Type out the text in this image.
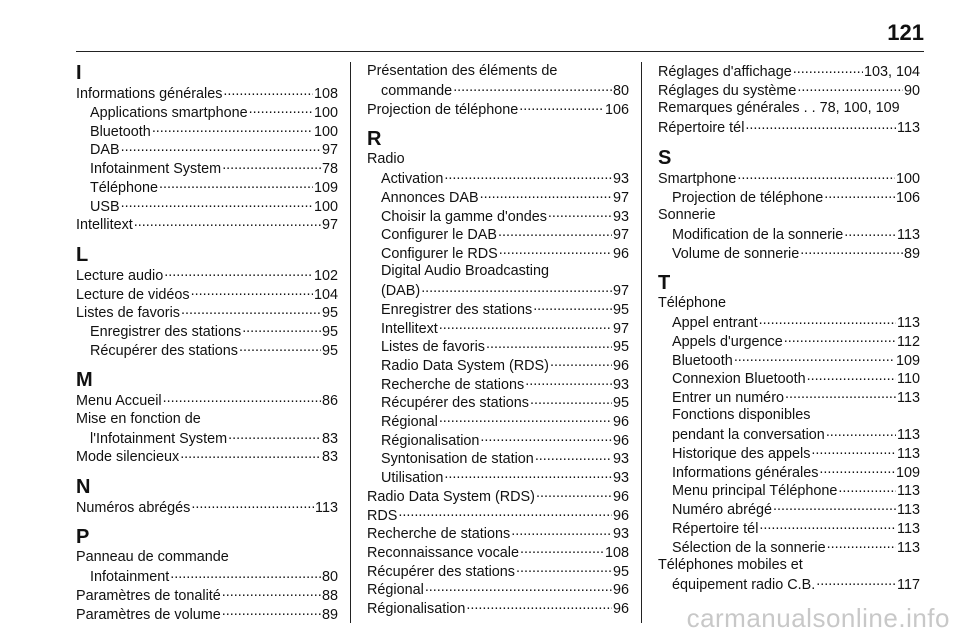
121
I
Informations générales .....	108
Applications smartphone .....	100
Bluetooth .....	100
DAB .....	97
Infotainment System .....	78
Téléphone .....	109
USB .....	100
Intellitext .....	97
L
Lecture audio .....	102
Lecture de vidéos .....	104
Listes de favoris .....	95
Enregistrer des stations .....	95
Récupérer des stations .....	95
M
Menu Accueil .....	86
Mise en fonction de
l'Infotainment System .....	83
Mode silencieux .....	83
N
Numéros abrégés .....	113
P
Panneau de commande
Infotainment .....	80
Paramètres de tonalité .....	88
Paramètres de volume .....	89
Présentation des éléments de
commande .....	80
Projection de téléphone .....	106
R
Radio
Activation .....	93
Annonces DAB .....	97
Choisir la gamme d'ondes .....	93
Configurer le DAB .....	97
Configurer le RDS .....	96
Digital Audio Broadcasting
(DAB) .....	97
Enregistrer des stations .....	95
Intellitext .....	97
Listes de favoris .....	95
Radio Data System (RDS) .....	96
Recherche de stations .....	93
Récupérer des stations .....	95
Régional .....	96
Régionalisation .....	96
Syntonisation de station .....	93
Utilisation .....	93
Radio Data System (RDS) .....	96
RDS .....	96
Recherche de stations .....	93
Reconnaissance vocale .....	108
Récupérer des stations .....	95
Régional .....	96
Régionalisation .....	96
Réglages d'affichage .....	103, 104
Réglages du système .....	90
Remarques générales . . 78, 100, 109
Répertoire tél .....	113
S
Smartphone .....	100
Projection de téléphone .....	106
Sonnerie
Modification de la sonnerie .....	113
Volume de sonnerie .....	89
T
Téléphone
Appel entrant .....	113
Appels d'urgence .....	112
Bluetooth .....	109
Connexion Bluetooth .....	110
Entrer un numéro .....	113
Fonctions disponibles
pendant la conversation .....	113
Historique des appels .....	113
Informations générales .....	109
Menu principal Téléphone .....	113
Numéro abrégé .....	113
Répertoire tél .....	113
Sélection de la sonnerie .....	113
Téléphones mobiles et
équipement radio C.B. .....	117
carmanualsonline.info
